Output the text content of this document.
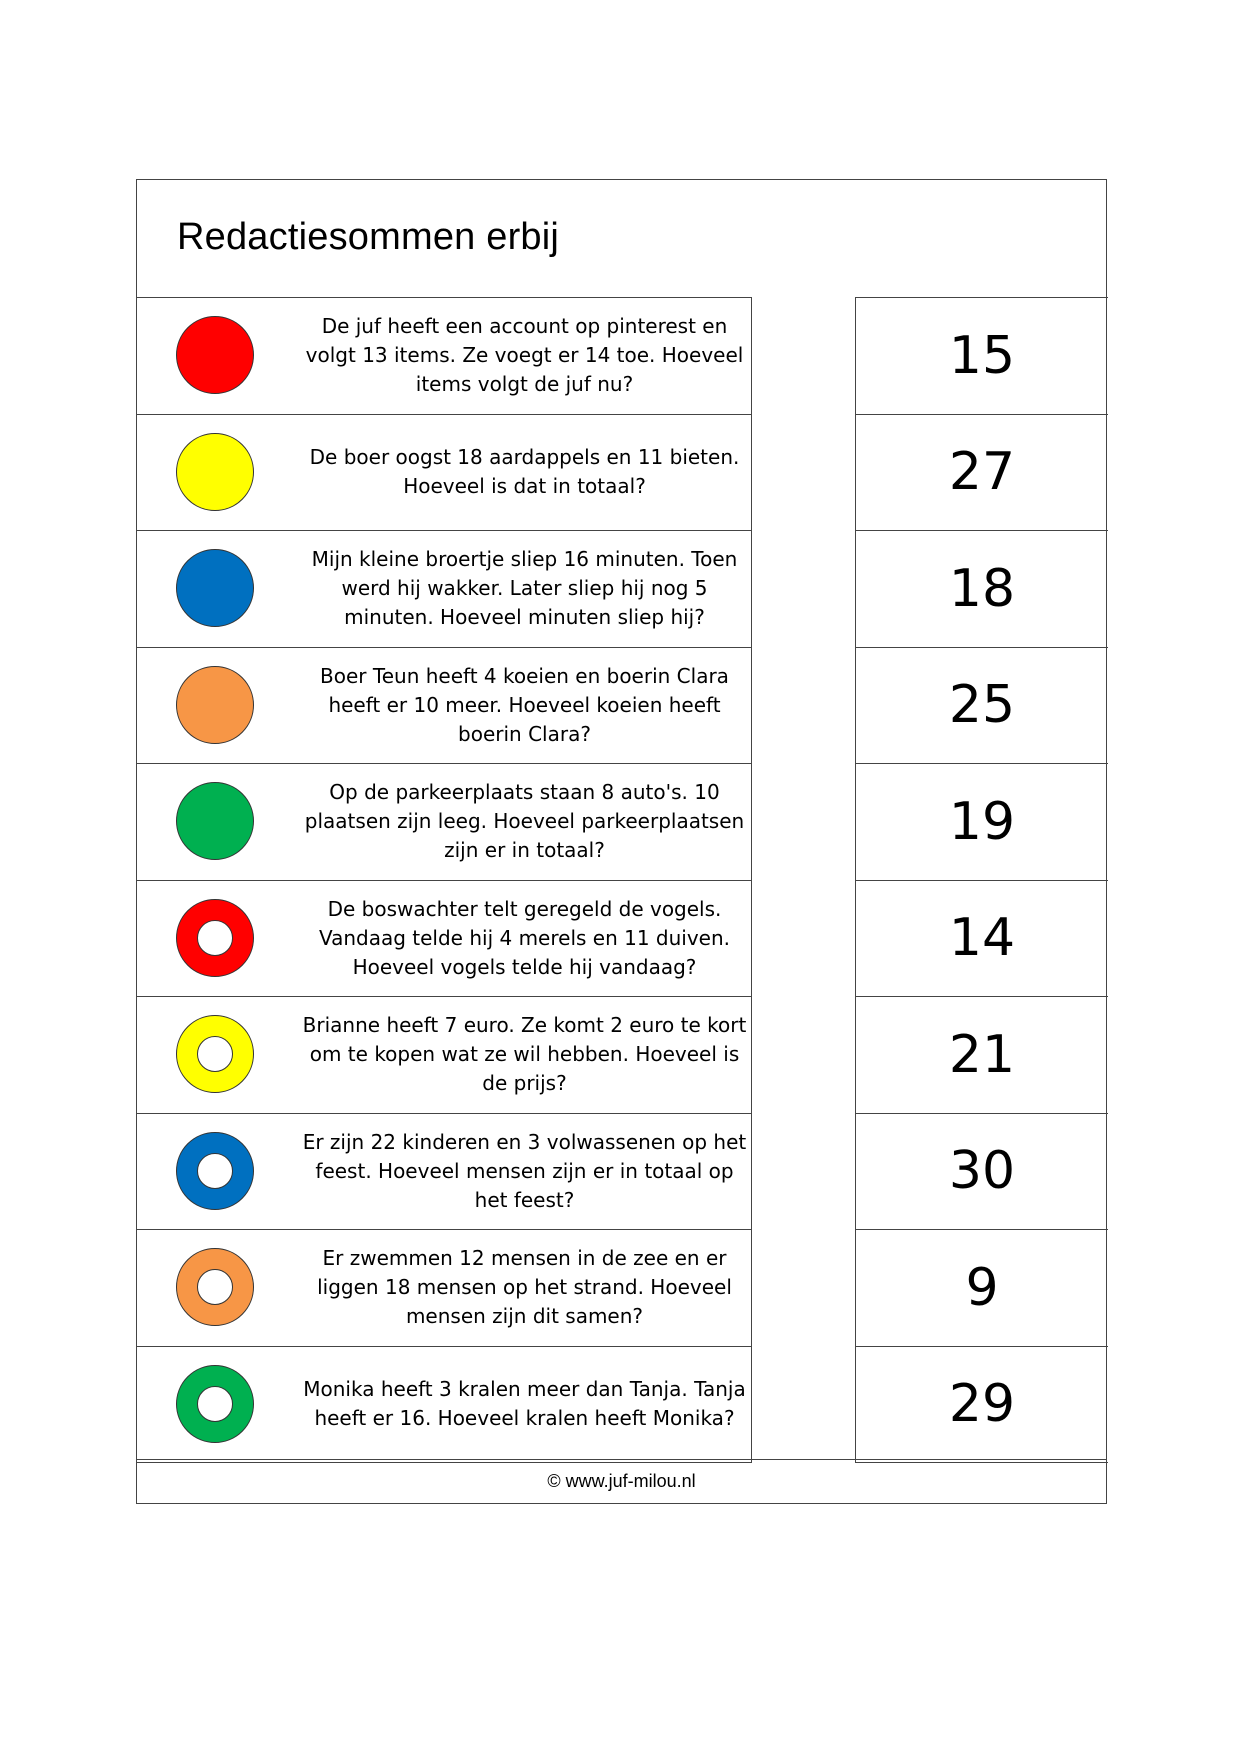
Redactiesommen erbij
De juf heeft een account op pinterest en volgt 13 items. Ze voegt er 14 toe. Hoeveel items volgt de juf nu?
De boer oogst 18 aardappels en 11 bieten. Hoeveel is dat in totaal?
Mijn kleine broertje sliep 16 minuten. Toen werd hij wakker. Later sliep hij nog 5 minuten. Hoeveel minuten sliep hij?
Boer Teun heeft 4 koeien en boerin Clara heeft er 10 meer. Hoeveel koeien heeft boerin Clara?
Op de parkeerplaats staan 8 auto's. 10 plaatsen zijn leeg. Hoeveel parkeerplaatsen zijn er in totaal?
De boswachter telt geregeld de vogels. Vandaag telde hij 4 merels en 11 duiven. Hoeveel vogels telde hij vandaag?
Brianne heeft 7 euro. Ze komt 2 euro te kort om te kopen wat ze wil hebben. Hoeveel is de prijs?
Er zijn 22 kinderen en 3 volwassenen op het feest. Hoeveel mensen zijn er in totaal op het feest?
Er zwemmen 12 mensen in de zee en er liggen 18 mensen op het strand. Hoeveel mensen zijn dit samen?
Monika heeft 3 kralen meer dan Tanja. Tanja heeft er 16. Hoeveel kralen heeft Monika?
15
27
18
25
19
14
21
30
9
29
© www.juf-milou.nl
